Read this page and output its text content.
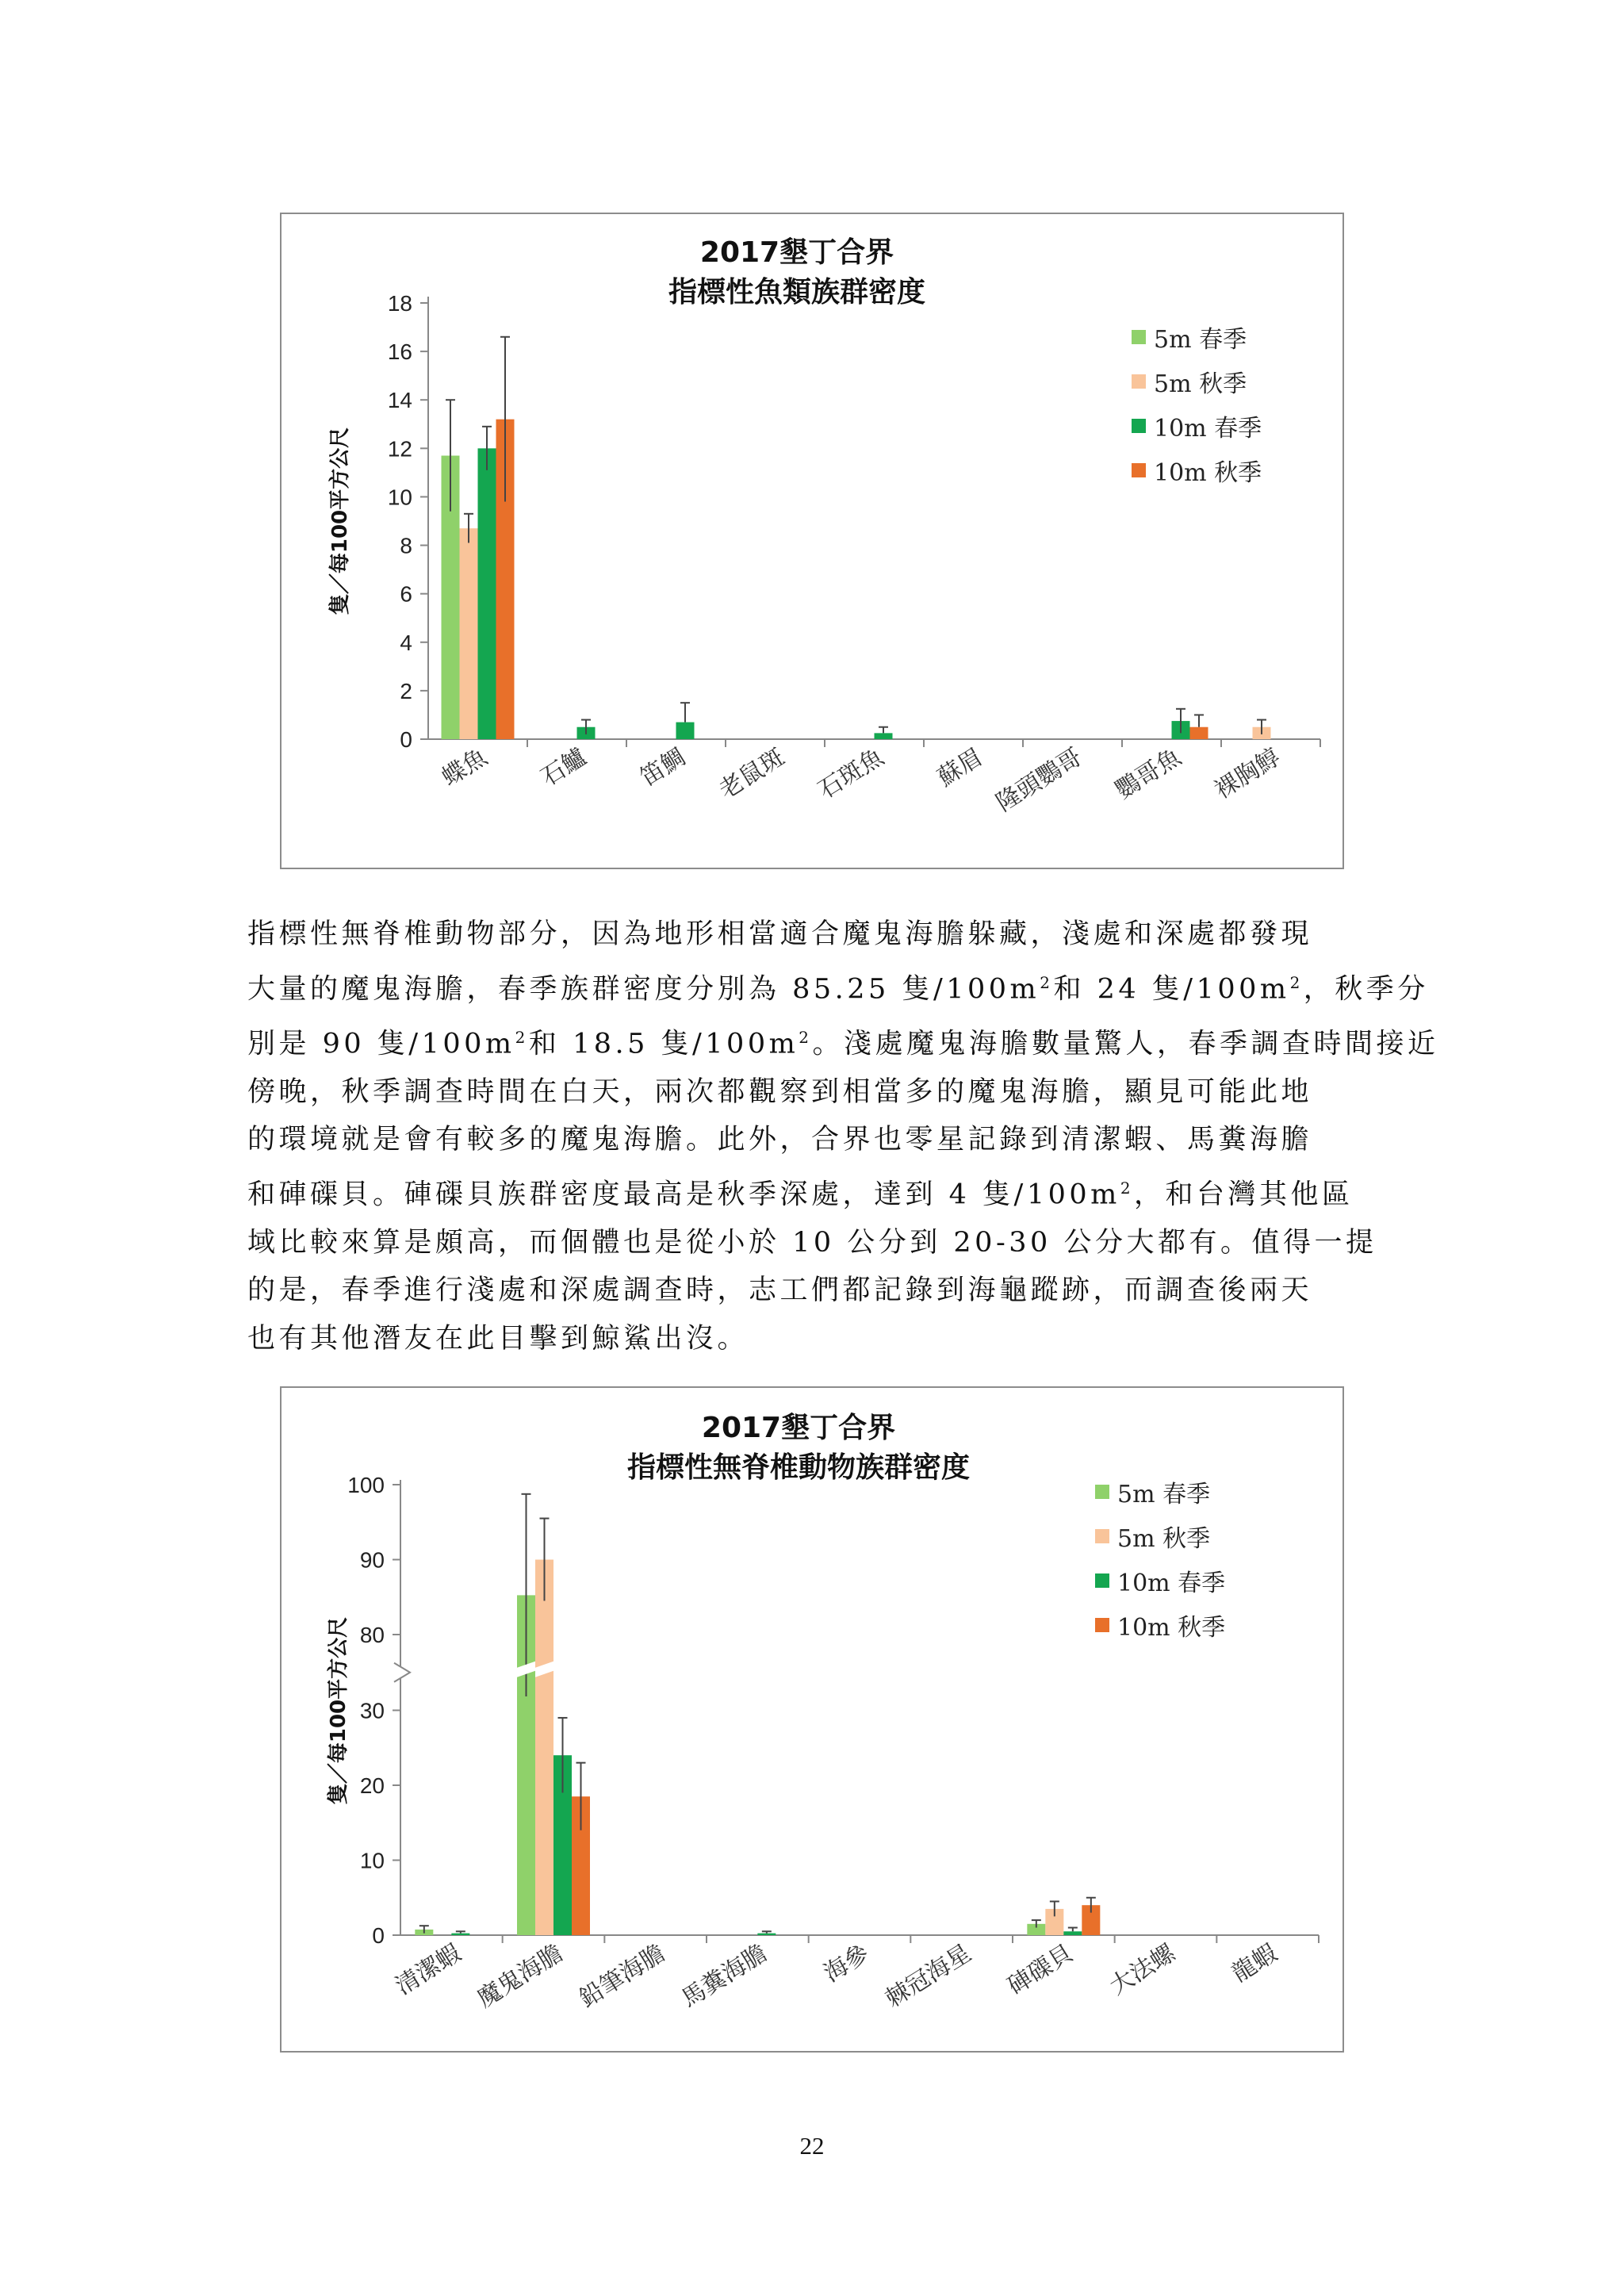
2017墾丁合界
指標性魚類族群密度
隻／每100平方公尺
0
2
4
6
8
10
12
14
16
18
蝶魚 石鱸 笛鯛 老鼠斑 石斑魚 蘇眉 隆頭鸚哥 鸚哥魚 裸胸鯙
5m 春季
5m 秋季
10m 春季
10m 秋季

指標性無脊椎動物部分，因為地形相當適合魔鬼海膽躲藏，淺處和深處都發現

大量的魔鬼海膽，春季族群密度分別為 85.25 隻$/100m^2$和 24 隻$/100m^2$，秋季分

別是 90 隻$/100m^2$和 18.5 隻$/100m^2$。淺處魔鬼海膽數量驚人，春季調查時間接近

傍晚，秋季調查時間在白天，兩次都觀察到相當多的魔鬼海膽，顯見可能此地

的環境就是會有較多的魔鬼海膽。此外，合界也零星記錄到清潔蝦、馬糞海膽

和硨磲貝。硨磲貝族群密度最高是秋季深處，達到 4 隻$/100m^2$，和台灣其他區

域比較來算是頗高，而個體也是從小於 10 公分到 20-30 公分大都有。值得一提

的是，春季進行淺處和深處調查時，志工們都記錄到海龜蹤跡，而調查後兩天

也有其他潛友在此目擊到鯨鯊出沒。

2017墾丁合界
指標性無脊椎動物族群密度
隻／每100平方公尺
0
10
20
30
80
90
100
清潔蝦 魔鬼海膽 鉛筆海膽 馬糞海膽 海參 棘冠海星 硨磲貝 大法螺 龍蝦
5m 春季
5m 秋季
10m 春季
10m 秋季
22
